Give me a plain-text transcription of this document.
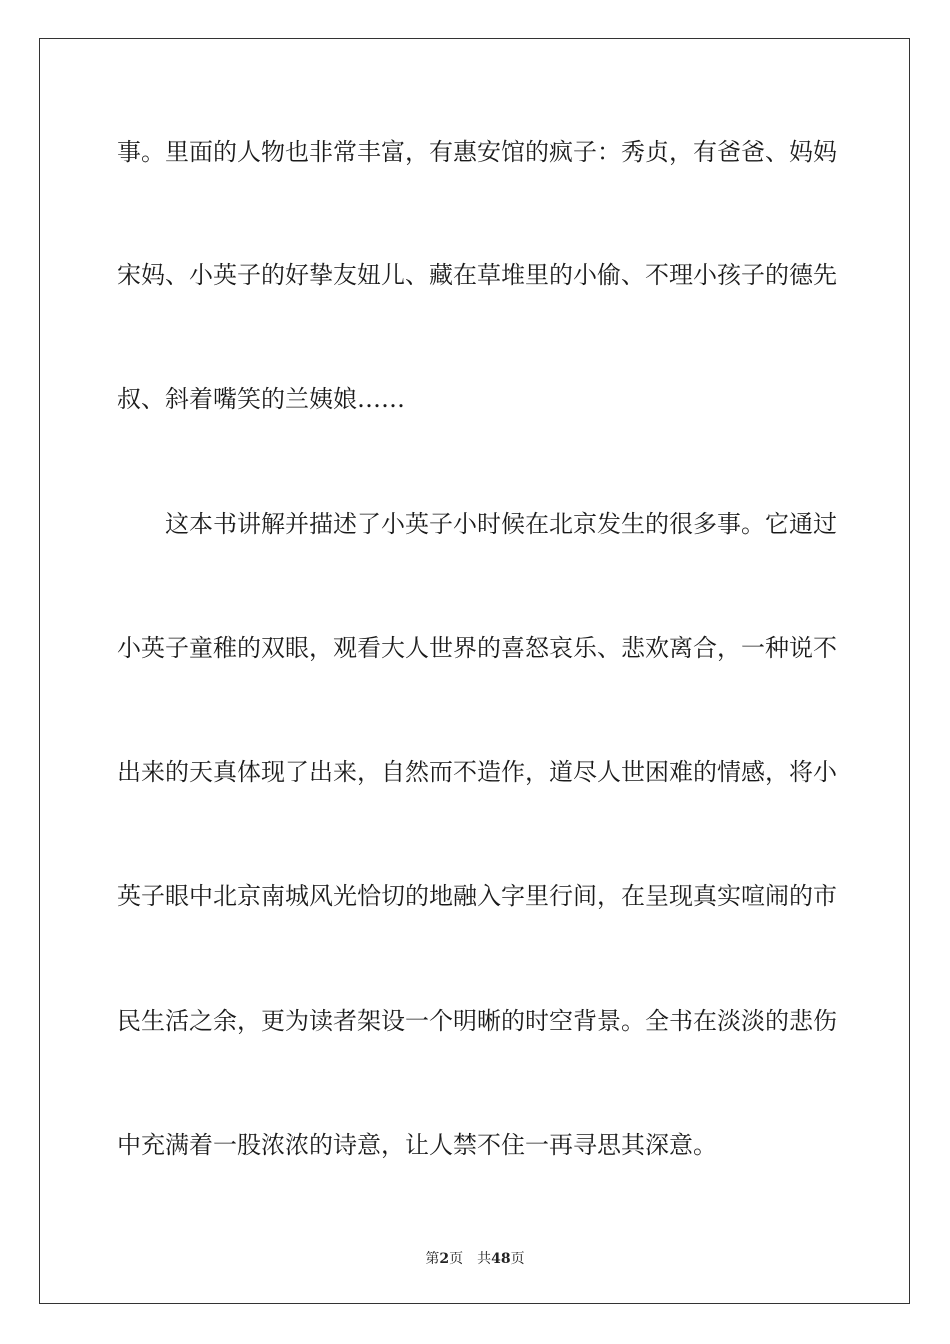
事。里面的人物也非常丰富，有惠安馆的疯子：秀贞，有爸爸、妈妈
宋妈、小英子的好挚友妞儿、藏在草堆里的小偷、不理小孩子的德先
叔、斜着嘴笑的兰姨娘……
　　这本书讲解并描述了小英子小时候在北京发生的很多事。它通过
小英子童稚的双眼，观看大人世界的喜怒哀乐、悲欢离合，一种说不
出来的天真体现了出来，自然而不造作，道尽人世困难的情感，将小
英子眼中北京南城风光恰切的地融入字里行间，在呈现真实喧闹的市
民生活之余，更为读者架设一个明晰的时空背景。全书在淡淡的悲伤
中充满着一股浓浓的诗意，让人禁不住一再寻思其深意。
第2页 共48页
